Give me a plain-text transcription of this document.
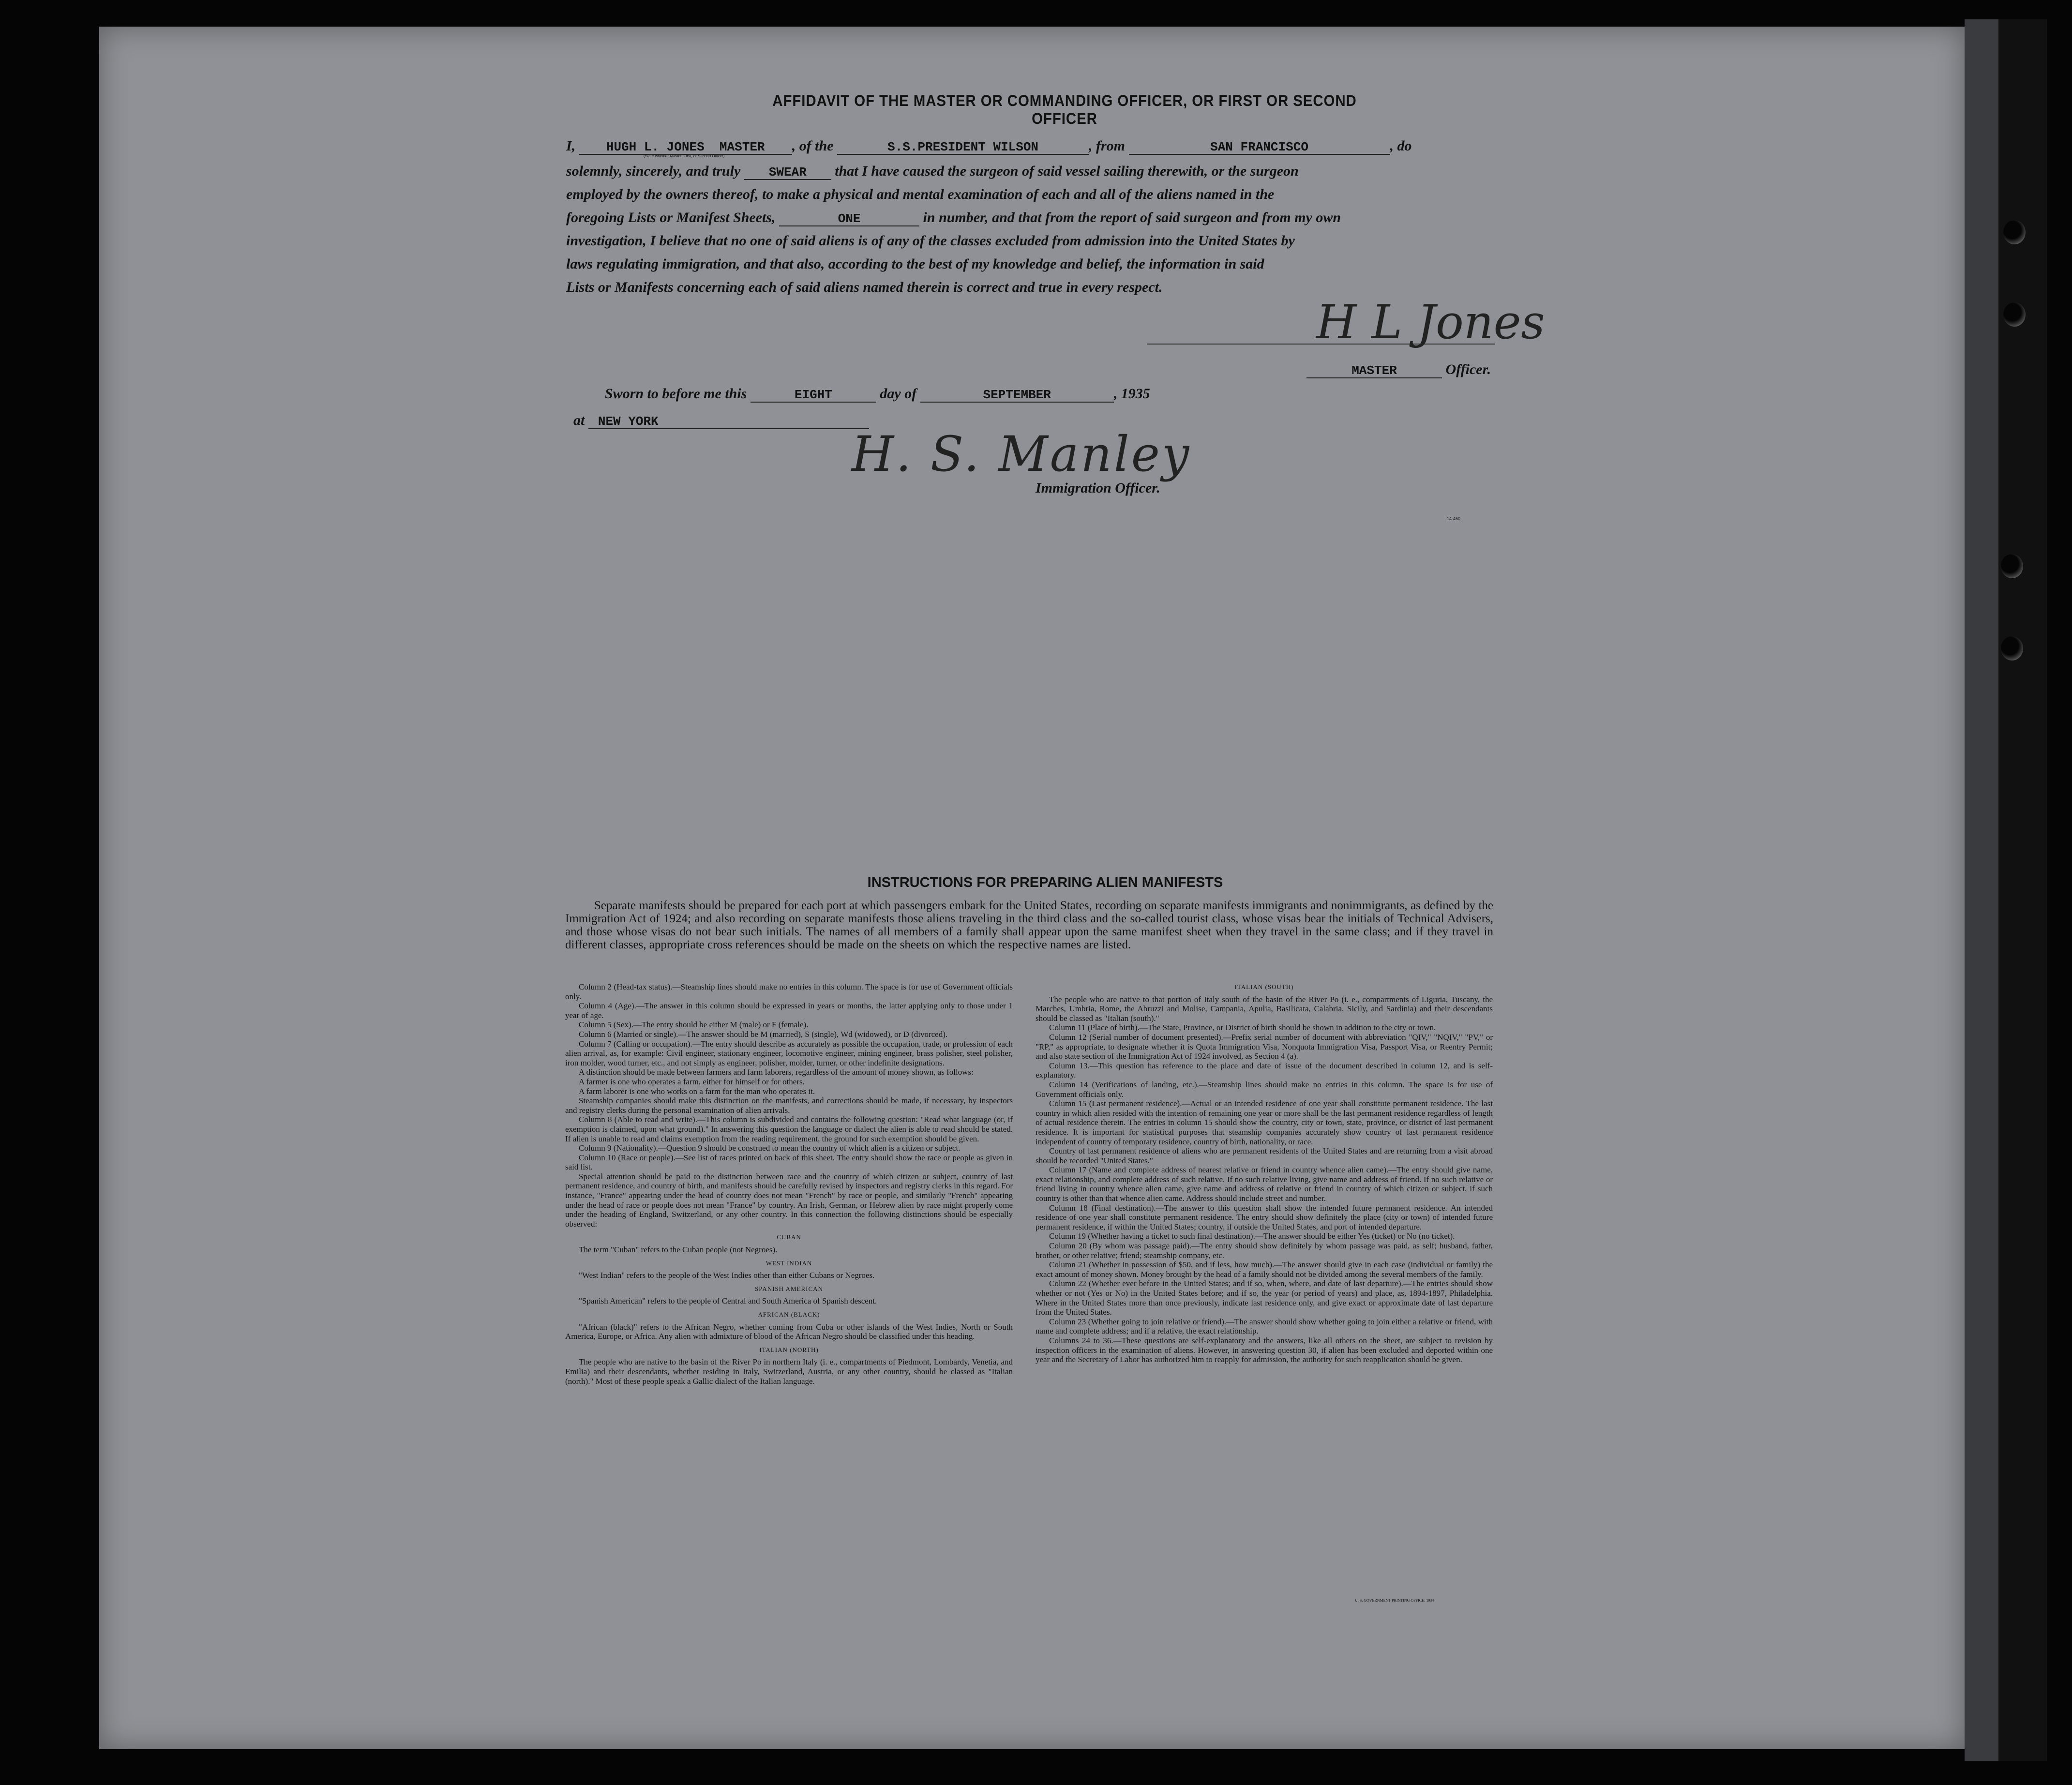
AFFIDAVIT OF THE MASTER OR COMMANDING OFFICER, OR FIRST OR SECOND OFFICER
I, HUGH L. JONES MASTER , of the	S.S.PRESIDENT WILSON	, from	SAN FRANCISCO	, do
(State whether Master, First, or Second Officer)
solemnly, sincerely, and truly SWEAR that I have caused the surgeon of said vessel sailing therewith, or the surgeon
employed by the owners thereof, to make a physical and mental examination of each and all of the aliens named in the
foregoing Lists or Manifest Sheets,	ONE	in number, and that from the report of said surgeon and from my own
investigation, I believe that no one of said aliens is of any of the classes excluded from admission into the United States by
laws regulating immigration, and that also, according to the best of my knowledge and belief, the information in said
Lists or Manifests concerning each of said aliens named therein is correct and true in every respect.
H L Jones
MASTER	Officer.
Sworn to before me this	EIGHT	day of	SEPTEMBER	, 1935
at NEW YORK
H. S. Manley
Immigration Officer.
14-450
INSTRUCTIONS FOR PREPARING ALIEN MANIFESTS
Separate manifests should be prepared for each port at which passengers embark for the United States, recording on separate manifests immigrants and nonimmigrants, as defined by the Immigration Act of 1924; and also recording on separate manifests those aliens traveling in the third class and the so-called tourist class, whose visas bear the initials of Technical Advisers, and those whose visas do not bear such initials. The names of all members of a family shall appear upon the same manifest sheet when they travel in the same class; and if they travel in different classes, appropriate cross references should be made on the sheets on which the respective names are listed.

Column 2 (Head-tax status).—Steamship lines should make no entries in this column. The space is for use of Government officials only.

Column 4 (Age).—The answer in this column should be expressed in years or months, the latter applying only to those under 1 year of age.

Column 5 (Sex).—The entry should be either M (male) or F (female).

Column 6 (Married or single).—The answer should be M (married), S (single), Wd (widowed), or D (divorced).

Column 7 (Calling or occupation).—The entry should describe as accurately as possible the occupation, trade, or profession of each alien arrival, as, for example: Civil engineer, stationary engineer, locomotive engineer, mining engineer, brass polisher, steel polisher, iron molder, wood turner, etc., and not simply as engineer, polisher, molder, turner, or other indefinite designations.

A distinction should be made between farmers and farm laborers, regardless of the amount of money shown, as follows:

A farmer is one who operates a farm, either for himself or for others.

A farm laborer is one who works on a farm for the man who operates it.

Steamship companies should make this distinction on the manifests, and corrections should be made, if necessary, by inspectors and registry clerks during the personal examination of alien arrivals.

Column 8 (Able to read and write).—This column is subdivided and contains the following question: "Read what language (or, if exemption is claimed, upon what ground)." In answering this question the language or dialect the alien is able to read should be stated. If alien is unable to read and claims exemption from the reading requirement, the ground for such exemption should be given.

Column 9 (Nationality).—Question 9 should be construed to mean the country of which alien is a citizen or subject.

Column 10 (Race or people).—See list of races printed on back of this sheet. The entry should show the race or people as given in said list.

Special attention should be paid to the distinction between race and the country of which citizen or subject, country of last permanent residence, and country of birth, and manifests should be carefully revised by inspectors and registry clerks in this regard. For instance, "France" appearing under the head of country does not mean "French" by race or people, and similarly "French" appearing under the head of race or people does not mean "France" by country. An Irish, German, or Hebrew alien by race might properly come under the heading of England, Switzerland, or any other country. In this connection the following distinctions should be especially observed:

CUBAN

The term "Cuban" refers to the Cuban people (not Negroes).

WEST INDIAN

"West Indian" refers to the people of the West Indies other than either Cubans or Negroes.

SPANISH AMERICAN

"Spanish American" refers to the people of Central and South America of Spanish descent.

AFRICAN (BLACK)

"African (black)" refers to the African Negro, whether coming from Cuba or other islands of the West Indies, North or South America, Europe, or Africa. Any alien with admixture of blood of the African Negro should be classified under this heading.

ITALIAN (NORTH)

The people who are native to the basin of the River Po in northern Italy (i. e., compartments of Piedmont, Lombardy, Venetia, and Emilia) and their descendants, whether residing in Italy, Switzerland, Austria, or any other country, should be classed as "Italian (north)." Most of these people speak a Gallic dialect of the Italian language.

ITALIAN (SOUTH)

The people who are native to that portion of Italy south of the basin of the River Po (i. e., compartments of Liguria, Tuscany, the Marches, Umbria, Rome, the Abruzzi and Molise, Campania, Apulia, Basilicata, Calabria, Sicily, and Sardinia) and their descendants should be classed as "Italian (south)."

Column 11 (Place of birth).—The State, Province, or District of birth should be shown in addition to the city or town.

Column 12 (Serial number of document presented).—Prefix serial number of document with abbreviation "QIV," "NQIV," "PV," or "RP," as appropriate, to designate whether it is Quota Immigration Visa, Nonquota Immigration Visa, Passport Visa, or Reentry Permit; and also state section of the Immigration Act of 1924 involved, as Section 4 (a).

Column 13.—This question has reference to the place and date of issue of the document described in column 12, and is self-explanatory.

Column 14 (Verifications of landing, etc.).—Steamship lines should make no entries in this column. The space is for use of Government officials only.

Column 15 (Last permanent residence).—Actual or an intended residence of one year shall constitute permanent residence. The last country in which alien resided with the intention of remaining one year or more shall be the last permanent residence regardless of length of actual residence therein. The entries in column 15 should show the country, city or town, state, province, or district of last permanent residence. It is important for statistical purposes that steamship companies accurately show country of last permanent residence independent of country of temporary residence, country of birth, nationality, or race.

Country of last permanent residence of aliens who are permanent residents of the United States and are returning from a visit abroad should be recorded "United States."

Column 17 (Name and complete address of nearest relative or friend in country whence alien came).—The entry should give name, exact relationship, and complete address of such relative. If no such relative living, give name and address of friend. If no such relative or friend living in country whence alien came, give name and address of relative or friend in country of which citizen or subject, if such country is other than that whence alien came. Address should include street and number.

Column 18 (Final destination).—The answer to this question shall show the intended future permanent residence. An intended residence of one year shall constitute permanent residence. The entry should show definitely the place (city or town) of intended future permanent residence, if within the United States; country, if outside the United States, and port of intended departure.

Column 19 (Whether having a ticket to such final destination).—The answer should be either Yes (ticket) or No (no ticket).

Column 20 (By whom was passage paid).—The entry should show definitely by whom passage was paid, as self; husband, father, brother, or other relative; friend; steamship company, etc.

Column 21 (Whether in possession of $50, and if less, how much).—The answer should give in each case (individual or family) the exact amount of money shown. Money brought by the head of a family should not be divided among the several members of the family.

Column 22 (Whether ever before in the United States; and if so, when, where, and date of last departure).—The entries should show whether or not (Yes or No) in the United States before; and if so, the year (or period of years) and place, as, 1894-1897, Philadelphia. Where in the United States more than once previously, indicate last residence only, and give exact or approximate date of last departure from the United States.

Column 23 (Whether going to join relative or friend).—The answer should show whether going to join either a relative or friend, with name and complete address; and if a relative, the exact relationship.

Columns 24 to 36.—These questions are self-explanatory and the answers, like all others on the sheet, are subject to revision by inspection officers in the examination of aliens. However, in answering question 30, if alien has been excluded and deported within one year and the Secretary of Labor has authorized him to reapply for admission, the authority for such reapplication should be given.

U. S. GOVERNMENT PRINTING OFFICE: 1934
